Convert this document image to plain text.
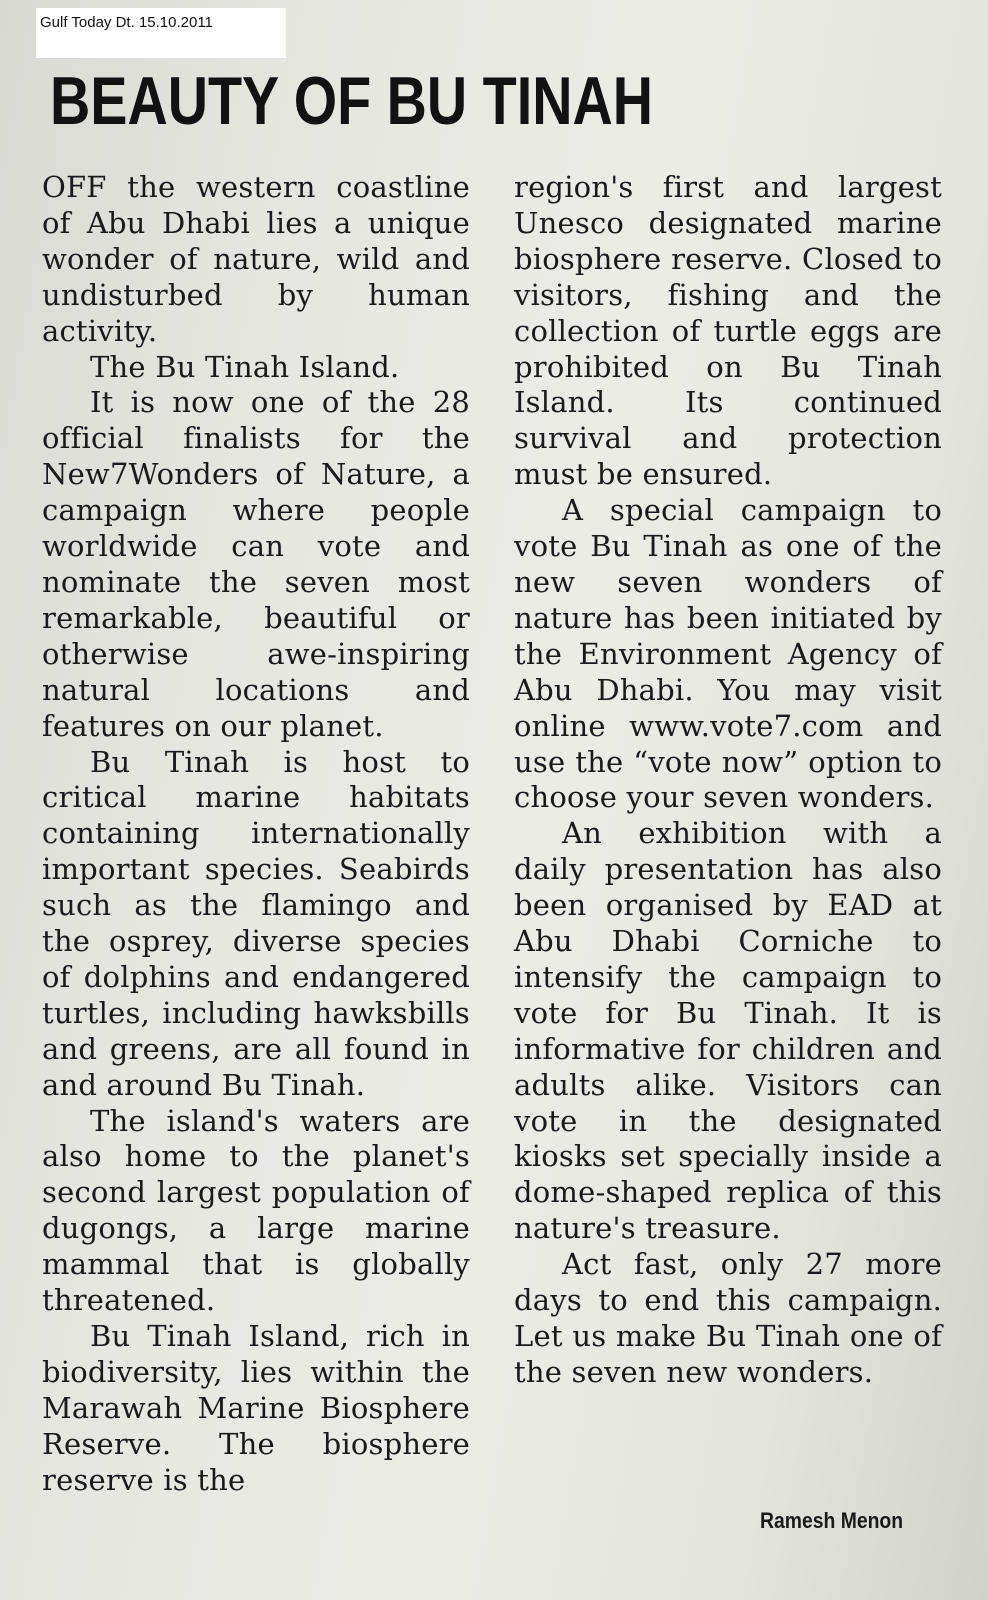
Gulf Today Dt. 15.10.2011
BEAUTY OF BU TINAH

OFF the western coastline of Abu Dhabi lies a unique wonder of nature, wild and undisturbed by human activity.

The Bu Tinah Island.

It is now one of the 28 official finalists for the New7Wonders of Nature, a campaign where people worldwide can vote and nominate the seven most remarkable, beautiful or otherwise awe-inspiring natural locations and features on our planet.

Bu Tinah is host to critical marine habitats containing internationally important species. Seabirds such as the flamingo and the osprey, diverse species of dolphins and endangered turtles, including hawksbills and greens, are all found in and around Bu Tinah.

The island's waters are also home to the planet's second largest population of dugongs, a large marine mammal that is globally threatened.

Bu Tinah Island, rich in biodiversity, lies within the Marawah Marine Biosphere Reserve. The biosphere reserve is the

region's first and largest Unesco designated marine biosphere reserve. Closed to visitors, fishing and the collection of turtle eggs are prohibited on Bu Tinah Island. Its continued survival and protection must be ensured.

A special campaign to vote Bu Tinah as one of the new seven wonders of nature has been initiated by the Environment Agency of Abu Dhabi. You may visit online www.vote7.com and use the “vote now” option to choose your seven wonders.

An exhibition with a daily presentation has also been organised by EAD at Abu Dhabi Corniche to intensify the campaign to vote for Bu Tinah. It is informative for children and adults alike. Visitors can vote in the designated kiosks set specially inside a dome-shaped replica of this nature's treasure.

Act fast, only 27 more days to end this campaign. Let us make Bu Tinah one of the seven new wonders.

Ramesh Menon
